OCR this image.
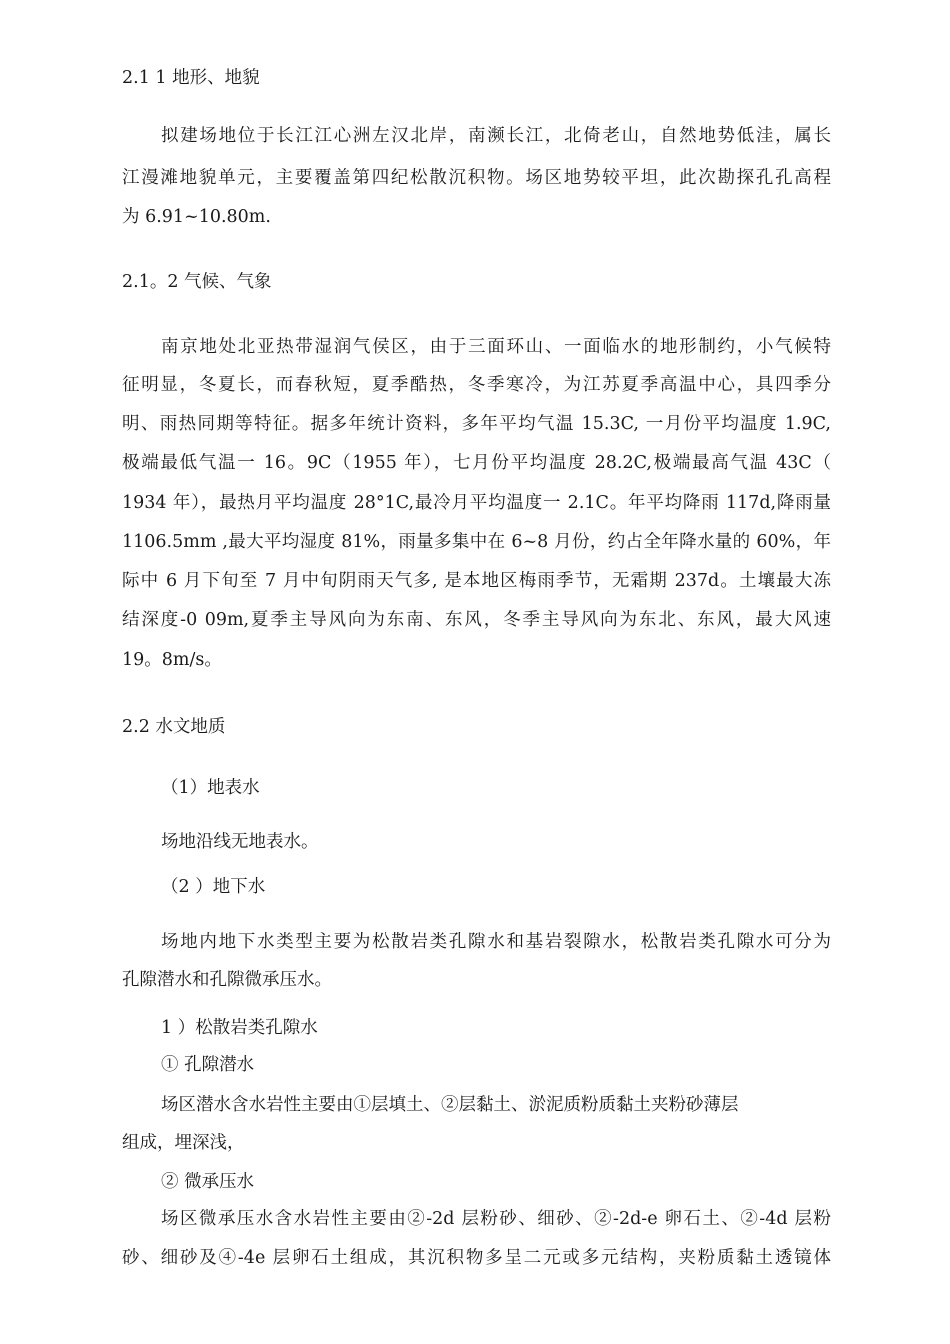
2.1 1 地形、地貌
拟建场地位于长江江心洲左汉北岸，南濒长江，北倚老山，自然地势低洼，属长
江漫滩地貌单元，主要覆盖第四纪松散沉积物。场区地势较平坦，此次勘探孔孔高程
为 6.91~10.80m.
2.1。2 气候、气象
南京地处北亚热带湿润气侯区，由于三面环山、一面临水的地形制约，小气候特
征明显，冬夏长，而春秋短，夏季酷热，冬季寒冷，为江苏夏季高温中心，具四季分
明、雨热同期等特征。据多年统计资料，多年平均气温 15.3C, 一月份平均温度 1.9C,
极端最低气温一 16。9C（1955 年），七月份平均温度 28.2C,极端最高气温 43C（
1934 年），最热月平均温度 28°1C,最冷月平均温度一 2.1C。年平均降雨 117d,降雨量
1106.5mm ,最大平均湿度 81%，雨量多集中在 6~8 月份，约占全年降水量的 60%，年
际中 6 月下旬至 7 月中旬阴雨天气多, 是本地区梅雨季节，无霜期 237d。土壤最大冻
结深度-0 09m,夏季主导风向为东南、东风，冬季主导风向为东北、东风，最大风速
19。8m/s。
2.2 水文地质
（1）地表水
场地沿线无地表水。
（2 ）地下水
场地内地下水类型主要为松散岩类孔隙水和基岩裂隙水，松散岩类孔隙水可分为
孔隙潜水和孔隙微承压水。
1 ）松散岩类孔隙水
① 孔隙潜水
场区潜水含水岩性主要由①层填土、②层黏土、淤泥质粉质黏土夹粉砂薄层
组成，埋深浅，
② 微承压水
场区微承压水含水岩性主要由②-2d 层粉砂、细砂、②-2d-e 卵石土、②-4d 层粉
砂、细砂及④-4e 层卵石土组成，其沉积物多呈二元或多元结构，夹粉质黏土透镜体
